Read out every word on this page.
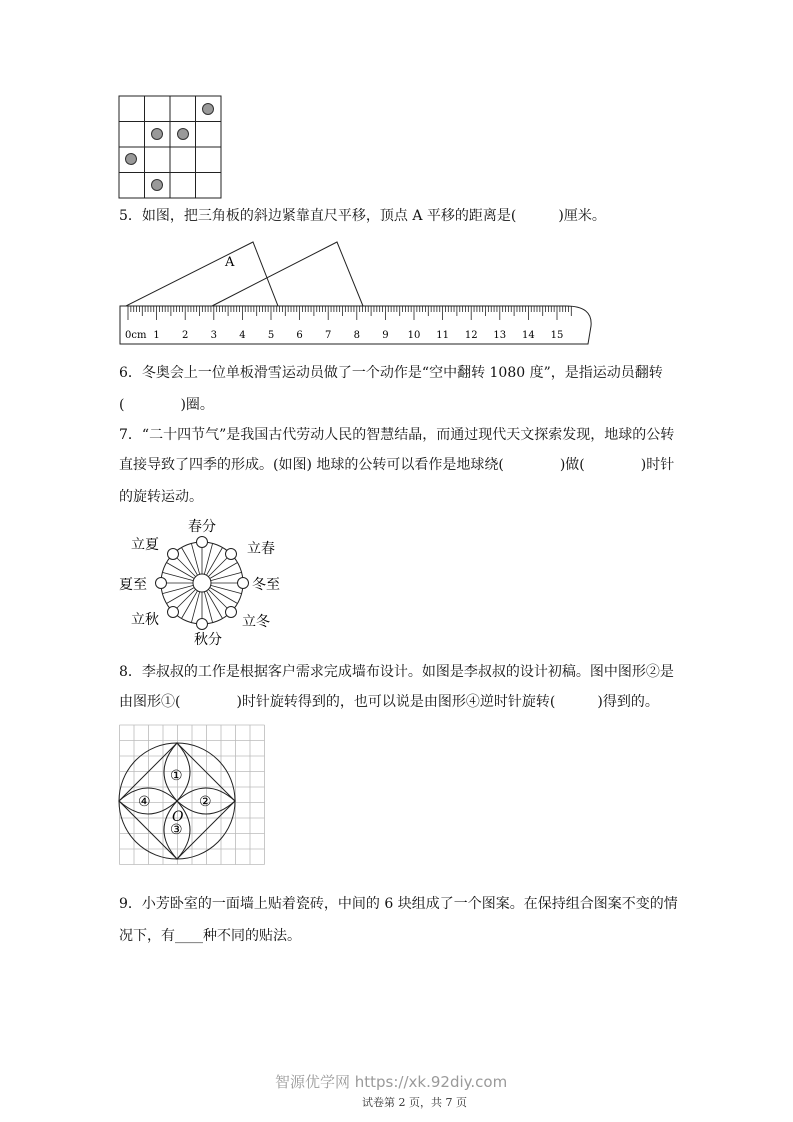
5．如图，把三角板的斜边紧靠直尺平移，顶点 A 平移的距离是(　　　)厘米。
A
0cm 1 2 3 4 5 6 7 8 9 10 11 12 13 14 15
6．冬奥会上一位单板滑雪运动员做了一个动作是“空中翻转 1080 度”，是指运动员翻转
(　　　　)圈。
7．“二十四节气”是我国古代劳动人民的智慧结晶，而通过现代天文探索发现，地球的公转
直接导致了四季的形成。(如图) 地球的公转可以看作是地球绕(　　　　)做(　　　　)时针
的旋转运动。
春分
立夏	立春
夏至	冬至
立秋	立冬
秋分
8．李叔叔的工作是根据客户需求完成墙布设计。如图是李叔叔的设计初稿。图中图形②是
由图形①(　　　　)时针旋转得到的，也可以说是由图形④逆时针旋转(　　　)得到的。
①
②
③
④
O
9．小芳卧室的一面墙上贴着瓷砖，中间的 6 块组成了一个图案。在保持组合图案不变的情
况下，有____种不同的贴法。
智源优学网 https://xk.92diy.com
试卷第 2 页，共 7 页
